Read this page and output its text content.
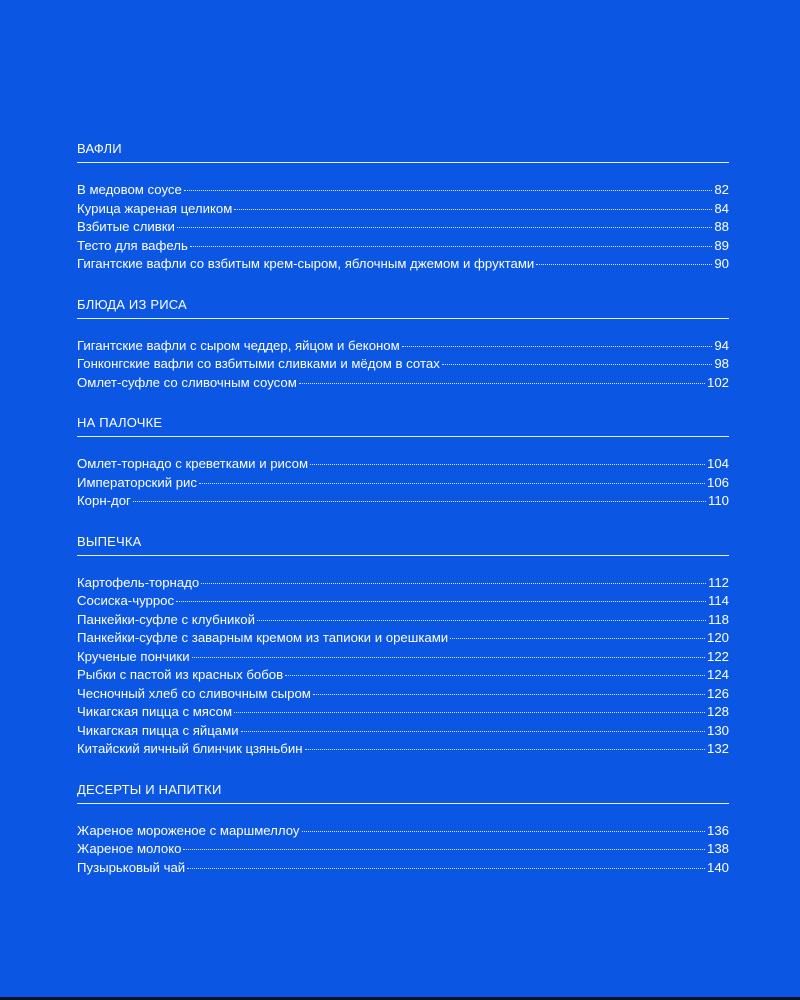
ВАФЛИ
В медовом соусе	82
Курица жареная целиком	84
Взбитые сливки	88
Тесто для вафель	89
Гигантские вафли со взбитым крем-сыром, яблочным джемом и фруктами	90
БЛЮДА ИЗ РИСА
Гигантские вафли с сыром чеддер, яйцом и беконом	94
Гонконгские вафли со взбитыми сливками и мёдом в сотах	98
Омлет-суфле со сливочным соусом	102
НА ПАЛОЧКЕ
Омлет-торнадо с креветками и рисом	104
Императорский рис	106
Корн-дог	110
ВЫПЕЧКА
Картофель-торнадо	112
Сосиска-чуррос	114
Панкейки-суфле с клубникой	118
Панкейки-суфле с заварным кремом из тапиоки и орешками	120
Крученые пончики	122
Рыбки с пастой из красных бобов	124
Чесночный хлеб со сливочным сыром	126
Чикагская пицца с мясом	128
Чикагская пицца с яйцами	130
Китайский яичный блинчик цзяньбин	132
ДЕСЕРТЫ И НАПИТКИ
Жареное мороженое с маршмеллоу	136
Жареное молоко	138
Пузырьковый чай	140
